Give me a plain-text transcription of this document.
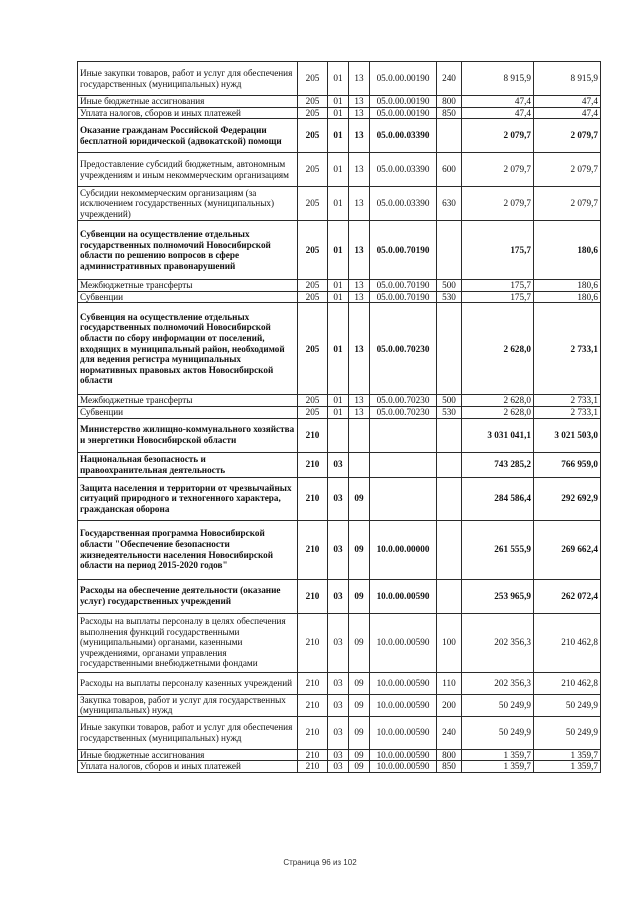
Иные закупки товаров, работ и услуг для обеспечения государственных (муниципальных) нужд	205	01	13	05.0.00.00190	240	8 915,9	8 915,9
Иные бюджетные ассигнования	205	01	13	05.0.00.00190	800	47,4	47,4
Уплата налогов, сборов и иных платежей	205	01	13	05.0.00.00190	850	47,4	47,4
Оказание гражданам Российской Федерации бесплатной юридической (адвокатской) помощи	205	01	13	05.0.00.03390		2 079,7	2 079,7
Предоставление субсидий бюджетным, автономным учреждениям и иным некоммерческим организациям	205	01	13	05.0.00.03390	600	2 079,7	2 079,7
Субсидии некоммерческим организациям (за исключением государственных (муниципальных) учреждений)	205	01	13	05.0.00.03390	630	2 079,7	2 079,7
Субвенции на осуществление отдельных государственных полномочий Новосибирской области по решению вопросов в сфере административных правонарушений	205	01	13	05.0.00.70190		175,7	180,6
Межбюджетные трансферты	205	01	13	05.0.00.70190	500	175,7	180,6
Субвенции	205	01	13	05.0.00.70190	530	175,7	180,6
Субвенция на осуществление отдельных государственных полномочий Новосибирской области по сбору информации от поселений, входящих в муниципальный район, необходимой для ведения регистра муниципальных нормативных правовых актов Новосибирской области	205	01	13	05.0.00.70230		2 628,0	2 733,1
Межбюджетные трансферты	205	01	13	05.0.00.70230	500	2 628,0	2 733,1
Субвенции	205	01	13	05.0.00.70230	530	2 628,0	2 733,1
Министерство жилищно-коммунального хозяйства и энергетики Новосибирской области	210					3 031 041,1	3 021 503,0
Национальная безопасность и правоохранительная деятельность	210	03				743 285,2	766 959,0
Защита населения и территории от чрезвычайных ситуаций природного и техногенного характера, гражданская оборона	210	03	09			284 586,4	292 692,9
Государственная программа Новосибирской области "Обеспечение безопасности жизнедеятельности населения Новосибирской области на период 2015-2020 годов"	210	03	09	10.0.00.00000		261 555,9	269 662,4
Расходы на обеспечение деятельности (оказание услуг) государственных учреждений	210	03	09	10.0.00.00590		253 965,9	262 072,4
Расходы на выплаты персоналу в целях обеспечения выполнения функций государственными (муниципальными) органами, казенными учреждениями, органами управления государственными внебюджетными фондами	210	03	09	10.0.00.00590	100	202 356,3	210 462,8
Расходы на выплаты персоналу казенных учреждений	210	03	09	10.0.00.00590	110	202 356,3	210 462,8
Закупка товаров, работ и услуг для государственных (муниципальных) нужд	210	03	09	10.0.00.00590	200	50 249,9	50 249,9
Иные закупки товаров, работ и услуг для обеспечения государственных (муниципальных) нужд	210	03	09	10.0.00.00590	240	50 249,9	50 249,9
Иные бюджетные ассигнования	210	03	09	10.0.00.00590	800	1 359,7	1 359,7
Уплата налогов, сборов и иных платежей	210	03	09	10.0.00.00590	850	1 359,7	1 359,7
Страница 96 из 102
